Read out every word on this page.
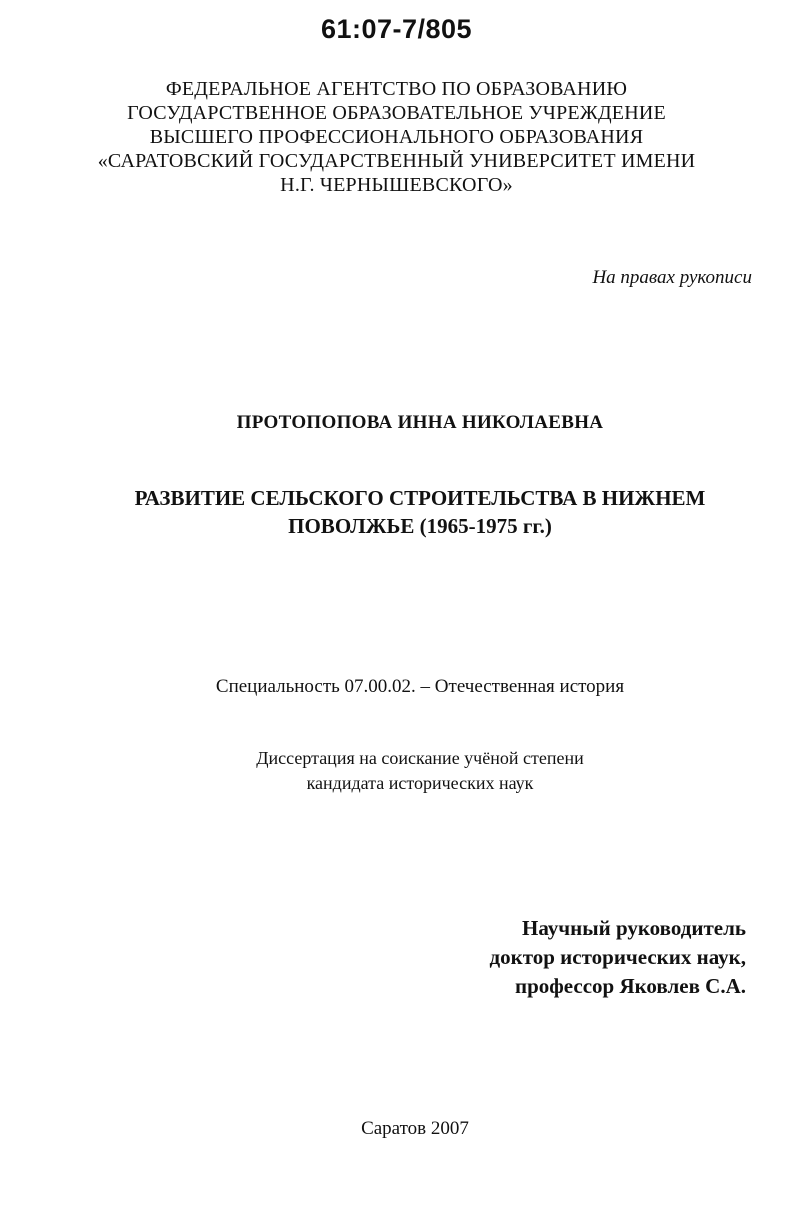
61:07-7/805
ФЕДЕРАЛЬНОЕ АГЕНТСТВО ПО ОБРАЗОВАНИЮ
ГОСУДАРСТВЕННОЕ ОБРАЗОВАТЕЛЬНОЕ УЧРЕЖДЕНИЕ
ВЫСШЕГО ПРОФЕССИОНАЛЬНОГО ОБРАЗОВАНИЯ
«САРАТОВСКИЙ ГОСУДАРСТВЕННЫЙ УНИВЕРСИТЕТ ИМЕНИ
Н.Г. ЧЕРНЫШЕВСКОГО»
На правах рукописи
ПРОТОПОПОВА ИННА НИКОЛАЕВНА
РАЗВИТИЕ СЕЛЬСКОГО СТРОИТЕЛЬСТВА В НИЖНЕМ
ПОВОЛЖЬЕ (1965-1975 гг.)
Специальность 07.00.02. – Отечественная история
Диссертация на соискание учёной степени
кандидата исторических наук
Научный руководитель
доктор исторических наук,
профессор Яковлев С.А.
Саратов 2007
